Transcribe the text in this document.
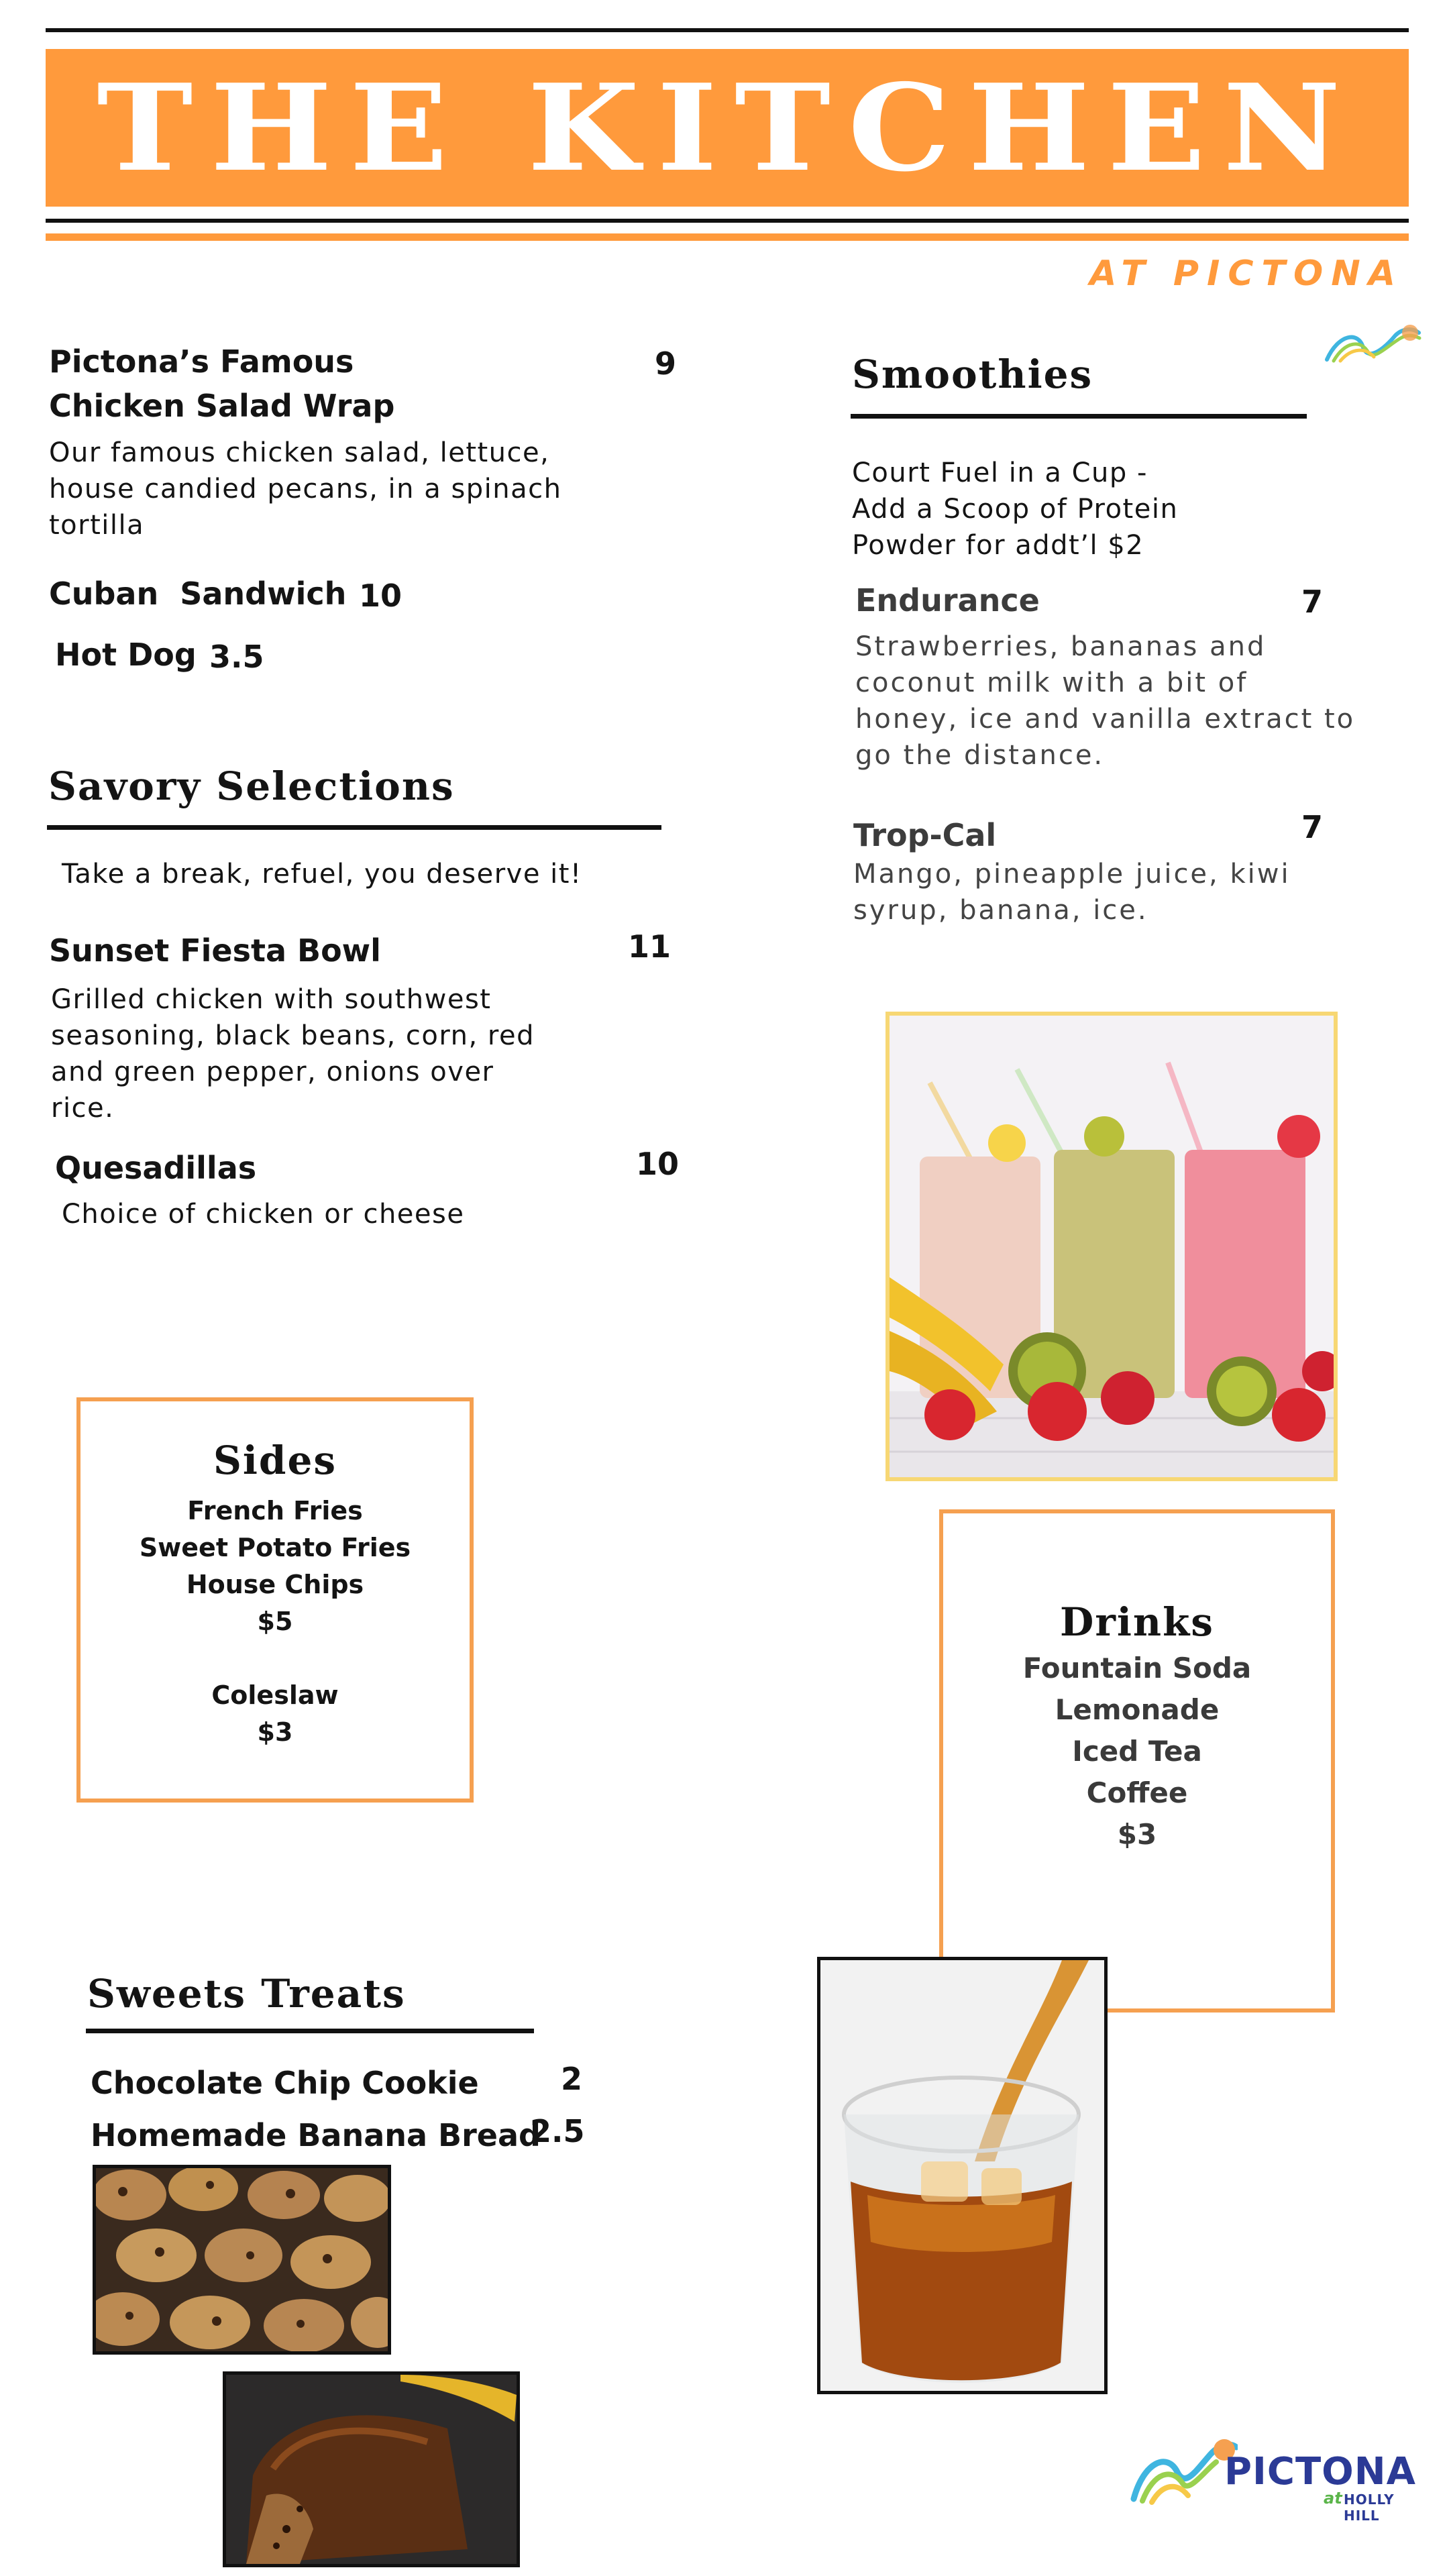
THE KITCHEN
AT PICTONA
Pictona’s Famous
Chicken Salad Wrap
9
Our famous chicken salad, lettuce,
house candied pecans, in a spinach
tortilla
Cuban  Sandwich 10
Hot Dog 3.5
Savory Selections
Take a break, refuel, you deserve it!
Sunset Fiesta Bowl	11
Grilled chicken with southwest
seasoning, black beans, corn, red
and green pepper, onions over
rice.
Quesadillas	10
Choice of chicken or cheese
Smoothies
Court Fuel in a Cup -
Add a Scoop of Protein
Powder for addt’l $2
Endurance	7
Strawberries, bananas and
coconut milk with a bit of
honey, ice and vanilla extract to
go the distance.
Trop-Cal	7
Mango, pineapple juice, kiwi
syrup, banana, ice.
Sides
French Fries
Sweet Potato Fries
House Chips
$5
Coleslaw
$3
Drinks
Fountain Soda
Lemonade
Iced Tea
Coffee
$3
Sweets Treats
Chocolate Chip Cookie	2
Homemade Banana Bread
2.5
PICTONA
at HOLLY HILL
